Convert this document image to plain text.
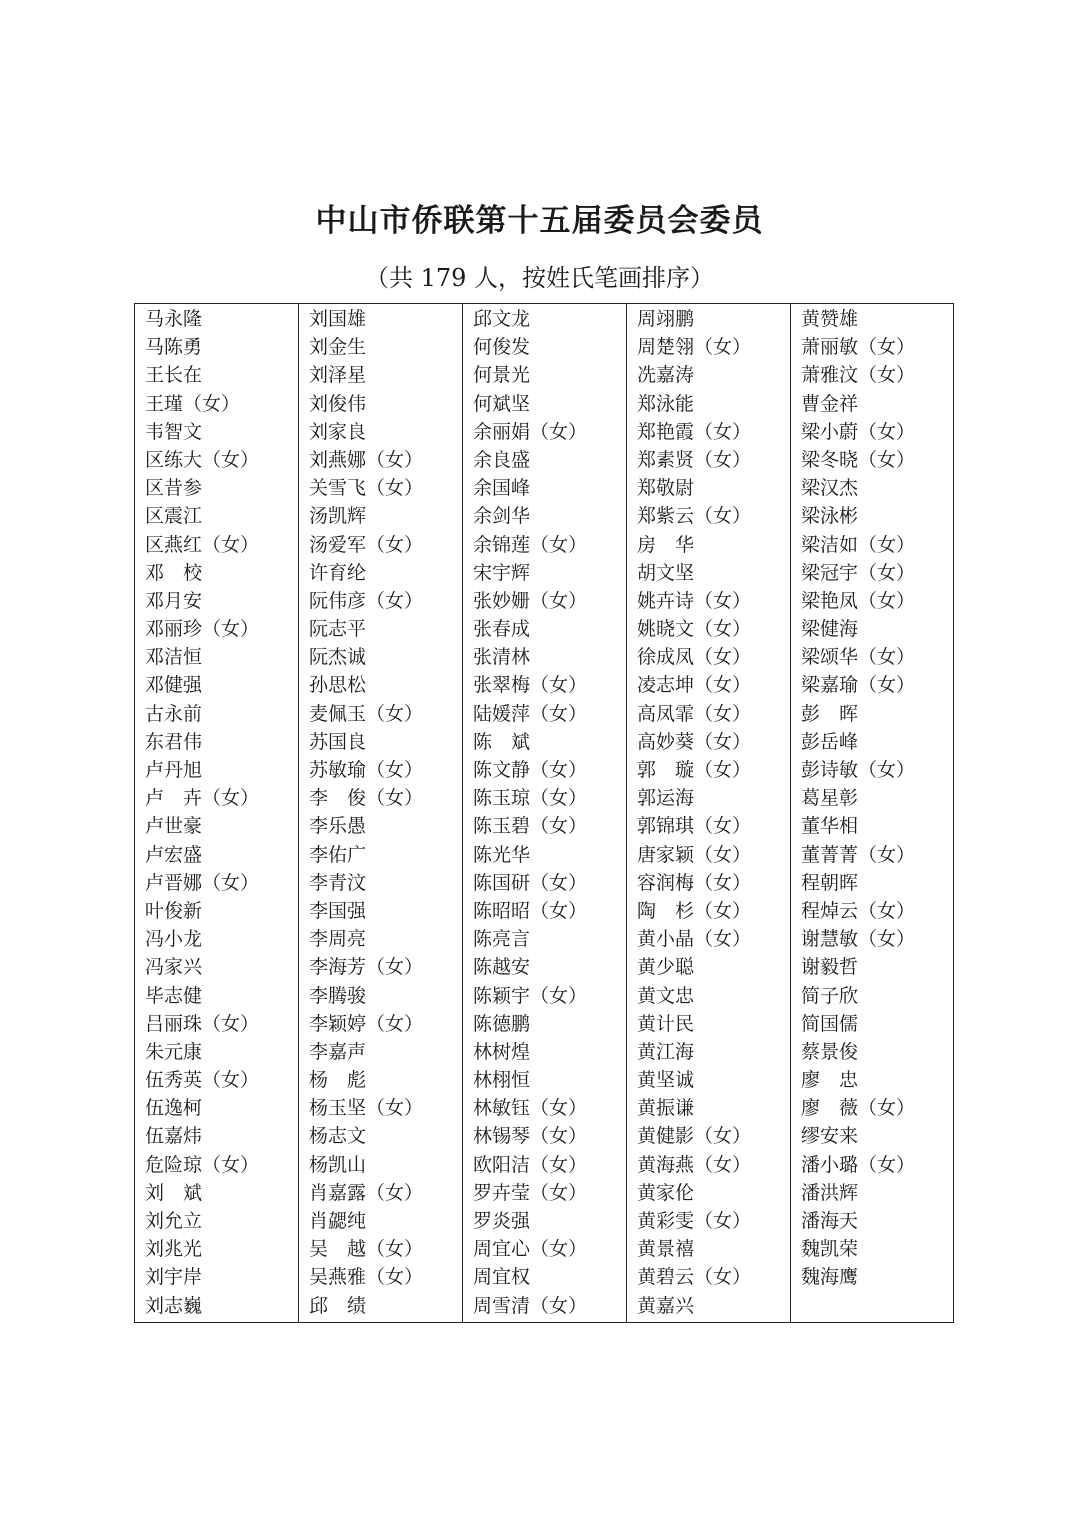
中山市侨联第十五届委员会委员
（共 179 人，按姓氏笔画排序）
马永隆
马陈勇
王长在
王瑾（女）
韦智文
区练大（女）
区昔参
区震江
区燕红（女）
邓　校
邓月安
邓丽珍（女）
邓洁恒
邓健强
古永前
东君伟
卢丹旭
卢　卉（女）
卢世豪
卢宏盛
卢晋娜（女）
叶俊新
冯小龙
冯家兴
毕志健
吕丽珠（女）
朱元康
伍秀英（女）
伍逸柯
伍嘉炜
危险琼（女）
刘　斌
刘允立
刘兆光
刘宇岸
刘志巍
刘国雄
刘金生
刘泽星
刘俊伟
刘家良
刘燕娜（女）
关雪飞（女）
汤凯辉
汤爱军（女）
许育纶
阮伟彦（女）
阮志平
阮杰诚
孙思松
麦佩玉（女）
苏国良
苏敏瑜（女）
李　俊（女）
李乐愚
李佑广
李青汶
李国强
李周亮
李海芳（女）
李腾骏
李颖婷（女）
李嘉声
杨　彪
杨玉坚（女）
杨志文
杨凯山
肖嘉露（女）
肖勰纯
吴　越（女）
吴燕雅（女）
邱　绩
邱文龙
何俊发
何景光
何斌坚
余丽娟（女）
余良盛
余国峰
余剑华
余锦莲（女）
宋宇辉
张妙姗（女）
张春成
张清林
张翠梅（女）
陆媛萍（女）
陈　斌
陈文静（女）
陈玉琼（女）
陈玉碧（女）
陈光华
陈国研（女）
陈昭昭（女）
陈亮言
陈越安
陈颖宇（女）
陈德鹏
林树煌
林栩恒
林敏钰（女）
林锡琴（女）
欧阳洁（女）
罗卉莹（女）
罗炎强
周宜心（女）
周宜权
周雪清（女）
周翊鹏
周楚翎（女）
冼嘉涛
郑泳能
郑艳霞（女）
郑素贤（女）
郑敬尉
郑紫云（女）
房　华
胡文坚
姚卉诗（女）
姚晓文（女）
徐成凤（女）
凌志坤（女）
高凤霏（女）
高妙葵（女）
郭　璇（女）
郭运海
郭锦琪（女）
唐家颖（女）
容润梅（女）
陶　杉（女）
黄小晶（女）
黄少聪
黄文忠
黄计民
黄江海
黄坚诚
黄振谦
黄健影（女）
黄海燕（女）
黄家伦
黄彩雯（女）
黄景禧
黄碧云（女）
黄嘉兴
黄赞雄
萧丽敏（女）
萧雅汶（女）
曹金祥
梁小蔚（女）
梁冬晓（女）
梁汉杰
梁泳彬
梁洁如（女）
梁冠宇（女）
梁艳凤（女）
梁健海
梁颂华（女）
梁嘉瑜（女）
彭　晖
彭岳峰
彭诗敏（女）
葛星彰
董华相
董菁菁（女）
程朝晖
程焯云（女）
谢慧敏（女）
谢毅哲
简子欣
简国儒
蔡景俊
廖　忠
廖　薇（女）
缪安来
潘小璐（女）
潘洪辉
潘海天
魏凯荣
魏海鹰
